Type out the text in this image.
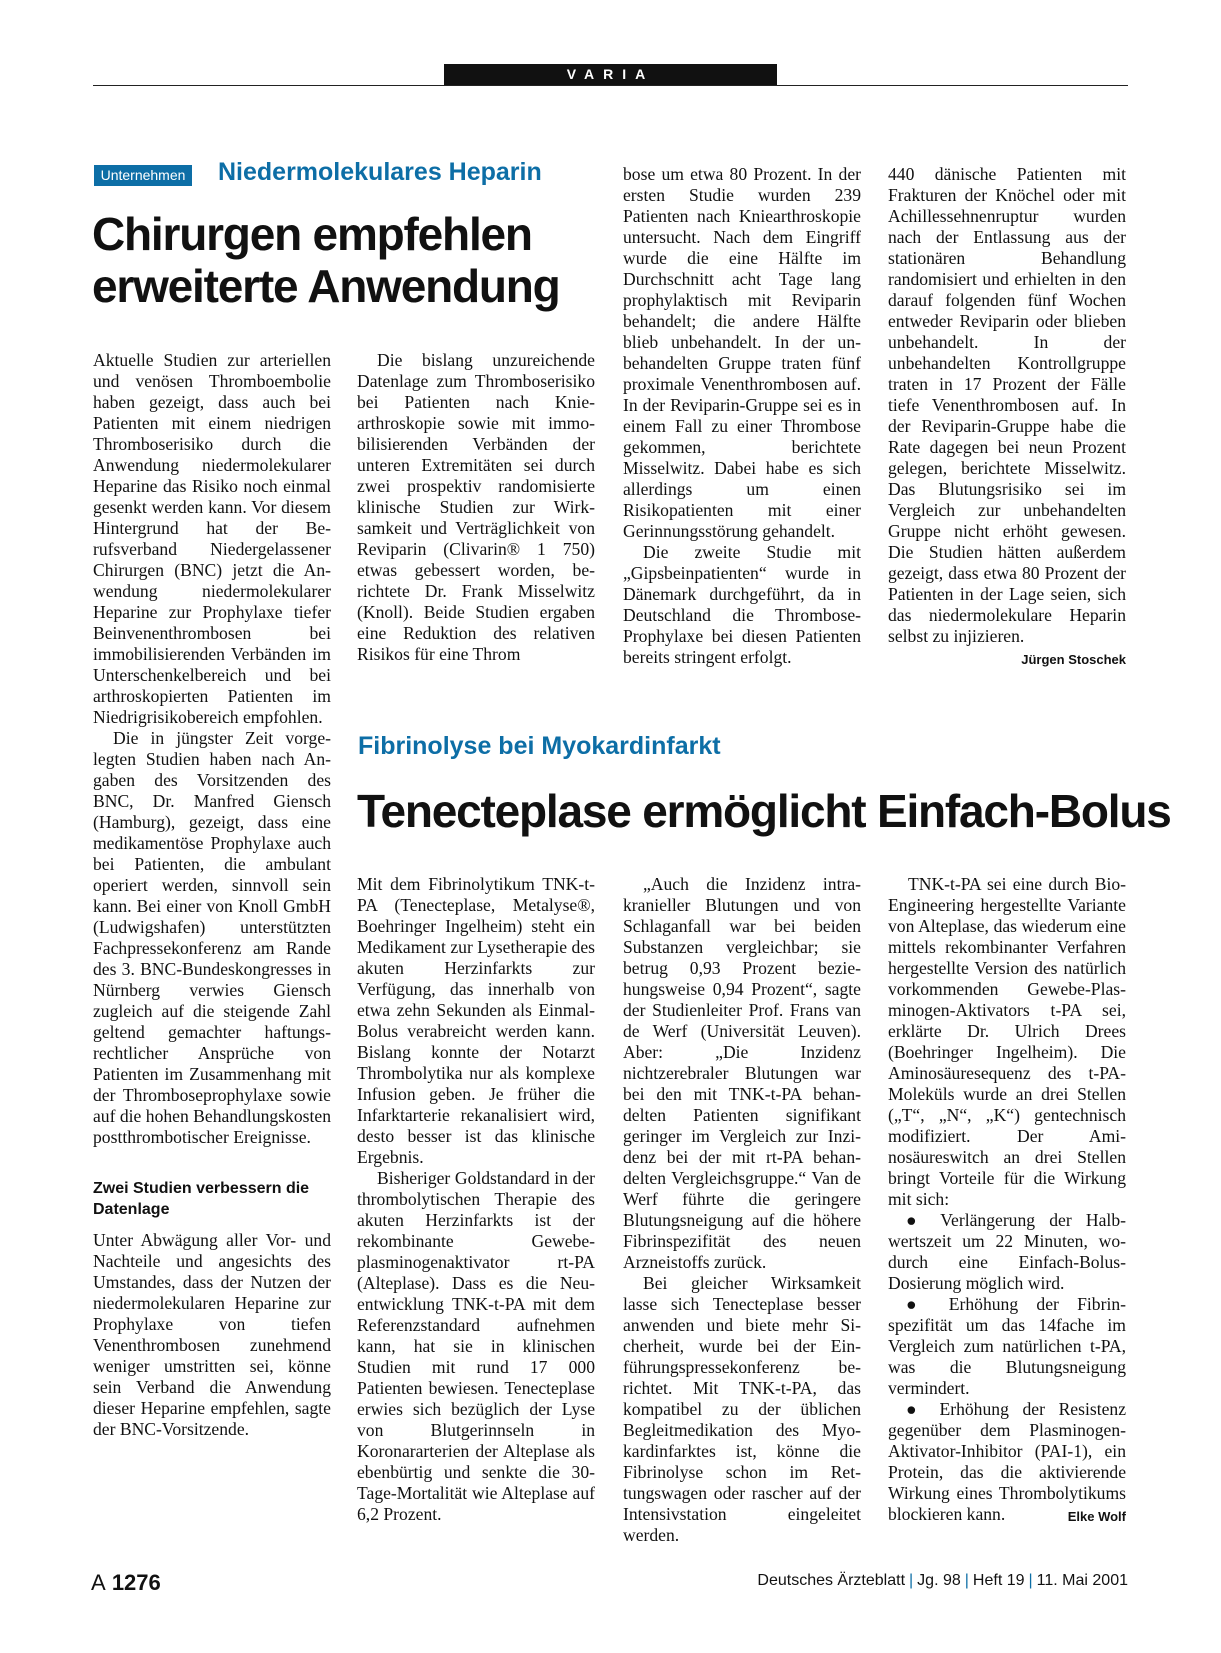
VARIA
Unternehmen Niedermolekulares Heparin
Chirurgen empfehlen
erweiterte Anwendung

Aktuelle Studien zur arteriellen und venösen Thromboembolie haben gezeigt, dass auch bei Patienten mit einem niedrigen Thromboserisiko durch die Anwendung niedermolekularer Heparine das Risiko noch einmal gesenkt werden kann. Vor diesem Hintergrund hat der Berufsverband Niedergelassener Chirurgen (BNC) jetzt die Anwendung niedermolekularer Heparine zur Prophylaxe tiefer Beinvenenthrombosen bei immobilisierenden Verbänden im Unterschenkelbereich und bei arthroskopierten Patienten im Niedrigrisikobereich empfohlen.

Die in jüngster Zeit vorgelegten Studien haben nach Angaben des Vorsitzenden des BNC, Dr. Manfred Giensch (Hamburg), gezeigt, dass eine medikamentöse Prophylaxe auch bei Patienten, die ambulant operiert werden, sinnvoll sein kann. Bei einer von Knoll GmbH (Ludwigshafen) unterstützten Fachpressekonferenz am Rande des 3. BNC-Bundeskongresses in Nürnberg verwies Giensch zugleich auf die steigende Zahl geltend gemachter haftungsrechtlicher Ansprüche von Patienten im Zusammenhang mit der Thromboseprophylaxe sowie auf die hohen Behandlungskosten postthrombotischer Ereignisse.

Zwei Studien verbessern die Datenlage

Unter Abwägung aller Vor- und Nachteile und angesichts des Umstandes, dass der Nutzen der niedermolekularen Heparine zur Prophylaxe von tiefen Venenthrombosen zunehmend weniger umstritten sei, könne sein Verband die Anwendung dieser Heparine empfehlen, sagte der BNC-Vorsitzende.

Die bislang unzureichende Datenlage zum Thromboserisiko bei Patienten nach Kniearthroskopie sowie mit immobilisierenden Verbänden der unteren Extremitäten sei durch zwei prospektiv randomisierte klinische Studien zur Wirksamkeit und Verträglichkeit von Reviparin (Clivarin® 1 750) etwas gebessert worden, berichtete Dr. Frank Misselwitz (Knoll). Beide Studien ergaben eine Reduktion des relativen Risikos für eine Throm

bose um etwa 80 Prozent. In der ersten Studie wurden 239 Patienten nach Kniearthroskopie untersucht. Nach dem Eingriff wurde die eine Hälfte im Durchschnitt acht Tage lang prophylaktisch mit Reviparin behandelt; die andere Hälfte blieb unbehandelt. In der unbehandelten Gruppe traten fünf proximale Venenthrombosen auf. In der Reviparin-Gruppe sei es in einem Fall zu einer Thrombose gekommen, berichtete Misselwitz. Dabei habe es sich allerdings um einen Risikopatienten mit einer Gerinnungsstörung gehandelt.

Die zweite Studie mit „Gipsbeinpatienten“ wurde in Dänemark durchgeführt, da in Deutschland die Thrombose-Prophylaxe bei diesen Patienten bereits stringent erfolgt.

440 dänische Patienten mit Frakturen der Knöchel oder mit Achillessehnenruptur wurden nach der Entlassung aus der stationären Behandlung randomisiert und erhielten in den darauf folgenden fünf Wochen entweder Reviparin oder blieben unbehandelt. In der unbehandelten Kontrollgruppe traten in 17 Prozent der Fälle tiefe Venenthrombosen auf. In der Reviparin-Gruppe habe die Rate dagegen bei neun Prozent gelegen, berichtete Misselwitz. Das Blutungsrisiko sei im Vergleich zur unbehandelten Gruppe nicht erhöht gewesen. Die Studien hätten außerdem gezeigt, dass etwa 80 Prozent der Patienten in der Lage seien, sich das niedermolekulare Heparin selbst zu injizieren.
Jürgen Stoschek

Fibrinolyse bei Myokardinfarkt
Tenecteplase ermöglicht Einfach-Bolus

Mit dem Fibrinolytikum TNK-t-PA (Tenecteplase, Metalyse®, Boehringer Ingelheim) steht ein Medikament zur Lysetherapie des akuten Herzinfarkts zur Verfügung, das innerhalb von etwa zehn Sekunden als Einmal-Bolus verabreicht werden kann. Bislang konnte der Notarzt Thrombolytika nur als komplexe Infusion geben. Je früher die Infarktarterie rekanalisiert wird, desto besser ist das klinische Ergebnis.

Bisheriger Goldstandard in der thrombolytischen Therapie des akuten Herzinfarkts ist der rekombinante Gewebeplasminogenaktivator rt-PA (Alteplase). Dass es die Neuentwicklung TNK-t-PA mit dem Referenzstandard aufnehmen kann, hat sie in klinischen Studien mit rund 17 000 Patienten bewiesen. Tenecteplase erwies sich bezüglich der Lyse von Blutgerinnseln in Koronararterien der Alteplase als ebenbürtig und senkte die 30-Tage-Mortalität wie Alteplase auf 6,2 Prozent.

„Auch die Inzidenz intrakranieller Blutungen und von Schlaganfall war bei beiden Substanzen vergleichbar; sie betrug 0,93 Prozent beziehungsweise 0,94 Prozent“, sagte der Studienleiter Prof. Frans van de Werf (Universität Leuven). Aber: „Die Inzidenz nichtzerebraler Blutungen war bei den mit TNK-t-PA behandelten Patienten signifikant geringer im Vergleich zur Inzidenz bei der mit rt-PA behandelten Vergleichsgruppe.“ Van de Werf führte die geringere Blutungsneigung auf die höhere Fibrinspezifität des neuen Arzneistoffs zurück.

Bei gleicher Wirksamkeit lasse sich Tenecteplase besser anwenden und biete mehr Sicherheit, wurde bei der Einführungspressekonferenz berichtet. Mit TNK-t-PA, das kompatibel zu der üblichen Begleitmedikation des Myokardinfarktes ist, könne die Fibrinolyse schon im Rettungswagen oder rascher auf der Intensivstation eingeleitet werden.

TNK-t-PA sei eine durch Bio-Engineering hergestellte Variante von Alteplase, das wiederum eine mittels rekombinanter Verfahren hergestellte Version des natürlich vorkommenden Gewebe-Plasminogen-Aktivators t-PA sei, erklärte Dr. Ulrich Drees (Boehringer Ingelheim). Die Aminosäuresequenz des t-PA-Moleküls wurde an drei Stellen („T“, „N“, „K“) gentechnisch modifiziert. Der Aminosäureswitch an drei Stellen bringt Vorteile für die Wirkung mit sich:

● Verlängerung der Halbwertszeit um 22 Minuten, wodurch eine Einfach-Bolus-Dosierung möglich wird.

● Erhöhung der Fibrinspezifität um das 14fache im Vergleich zum natürlichen t-PA, was die Blutungsneigung vermindert.

● Erhöhung der Resistenz gegenüber dem Plasminogen-Aktivator-Inhibitor (PAI-1), ein Protein, das die aktivierende Wirkung eines Thrombolytikums blockieren kann.	Elke Wolf

A 1276	Deutsches Ärzteblatt | Jg. 98 | Heft 19 | 11. Mai 2001
